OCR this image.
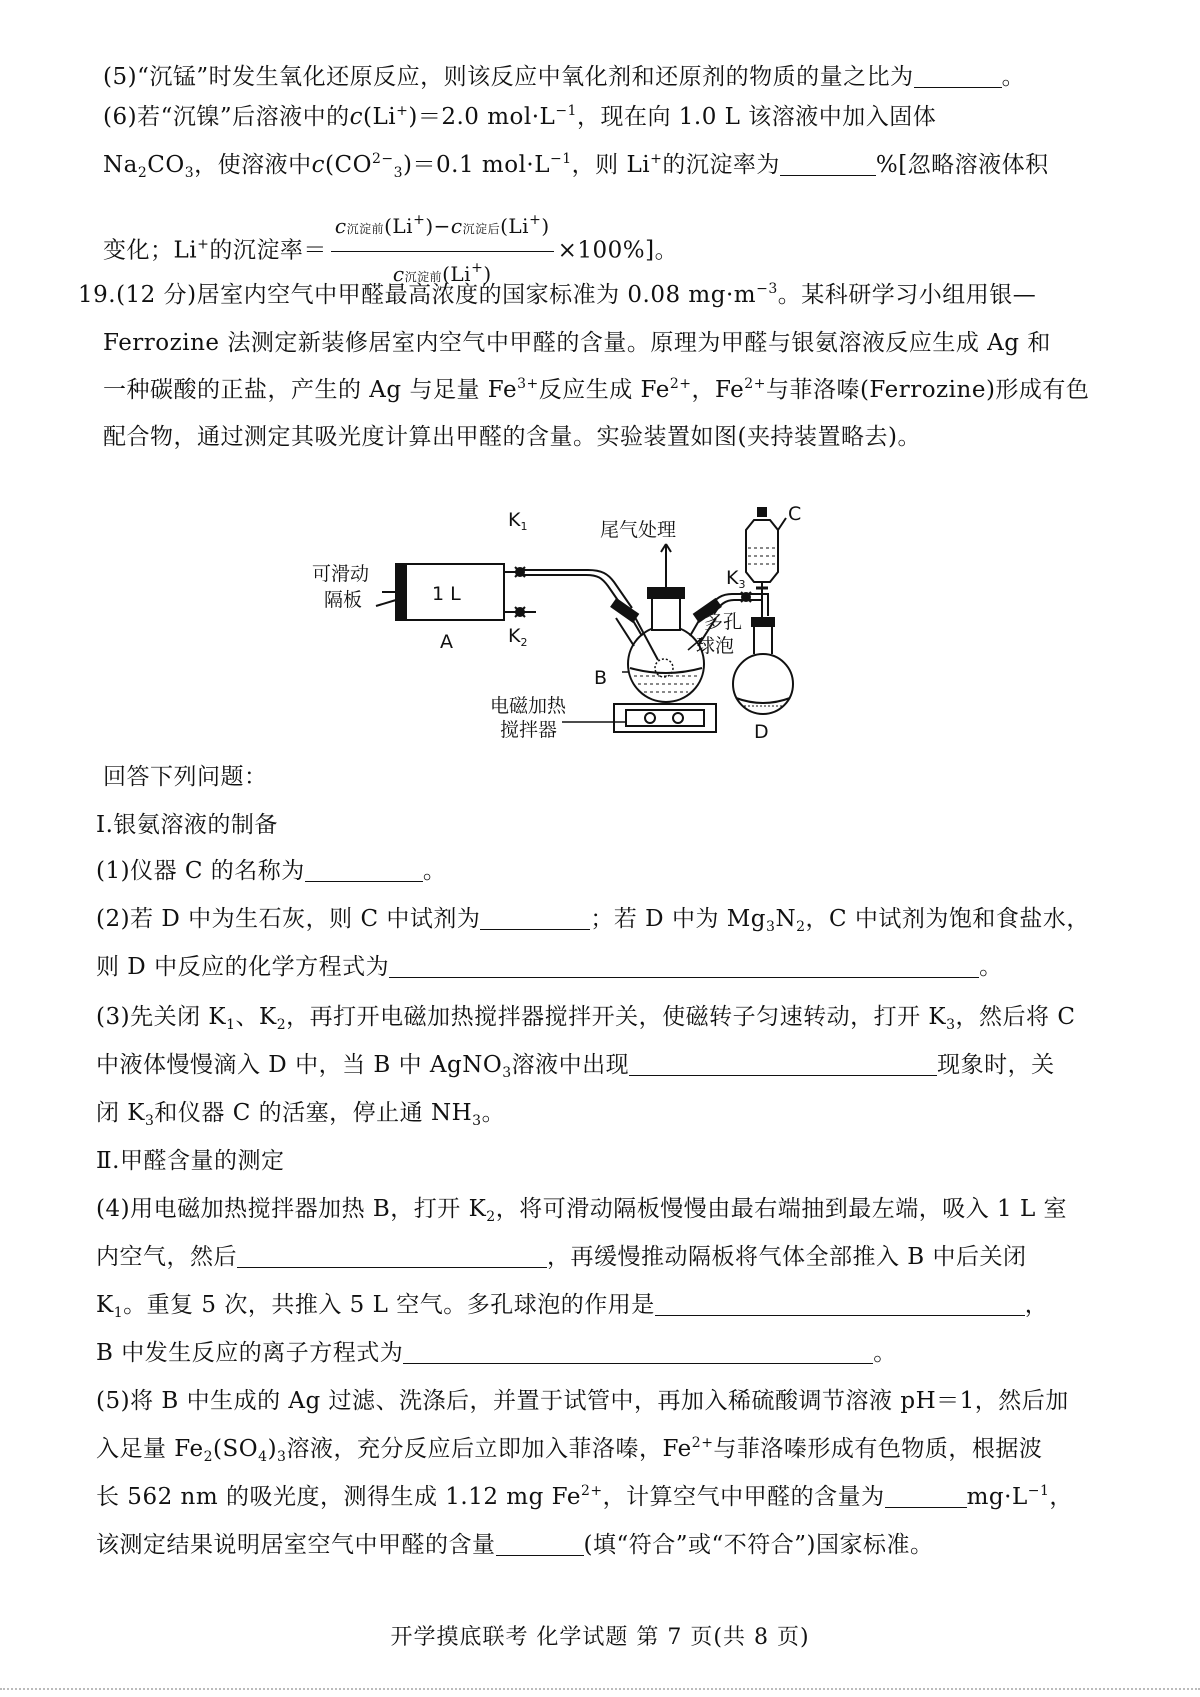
(5)“沉锰”时发生氧化还原反应，则该反应中氧化剂和还原剂的物质的量之比为	。
(6)若“沉镍”后溶液中的c(Li+)＝2.0 $mol\cdot L^{-1}$，现在向 1.0 L 该溶液中加入固体
$Na_2CO_3$，使溶液中$c(CO^{2-}_3)=0.1$ $mol\cdot L^{-1}$，则 Li+的沉淀率为	%[忽略溶液体积
变化；Li+的沉淀率＝ $\frac{c沉淀前(Li^+)-c沉淀后(Li^+)}{c沉淀前(Li^+)} \times 100\%$]。
19.(12 分)居室内空气中甲醛最高浓度的国家标准为 0.08 $mg\cdot m^{-3}$。某科研学习小组用银—
Ferrozine 法测定新装修居室内空气中甲醛的含量。原理为甲醛与银氨溶液反应生成 Ag 和
一种碳酸的正盐，产生的 Ag 与足量 $Fe^{3+}$反应生成 $Fe^{2+}$，$Fe^{2+}$与菲洛嗪(Ferrozine)形成有色
配合物，通过测定其吸光度计算出甲醛的含量。实验装置如图(夹持装置略去)。
尾气处理
$K_1$
$K_2$
$K_3$
C
1 L
可滑动
隔板
A
多孔
球泡
B
电磁加热
搅拌器	D
回答下列问题：
Ⅰ.银氨溶液的制备
(1)仪器 C 的名称为	。
(2)若 D 中为生石灰，则 C 中试剂为	；若 D 中为 $Mg_3N_2$，C 中试剂为饱和食盐水，
则 D 中反应的化学方程式为	。
(3)先关闭 $K_1$、$K_2$，再打开电磁加热搅拌器搅拌开关，使磁转子匀速转动，打开 $K_3$，然后将 C
中液体慢慢滴入 D 中，当 B 中 AgNO$_3$溶液中出现	现象时，关
闭 $K_3$和仪器 C 的活塞，停止通 $NH_3$。
Ⅱ.甲醛含量的测定
(4)用电磁加热搅拌器加热 B，打开 $K_2$，将可滑动隔板慢慢由最右端抽到最左端，吸入 1 L 室
内空气，然后	，再缓慢推动隔板将气体全部推入 B 中后关闭
$K_1$。重复 5 次，共推入 5 L 空气。多孔球泡的作用是	，
B 中发生反应的离子方程式为	。
(5)将 B 中生成的 Ag 过滤、洗涤后，并置于试管中，再加入稀硫酸调节溶液 pH＝1，然后加
入足量 $Fe_2(SO_4)_3$溶液，充分反应后立即加入菲洛嗪，$Fe^{2+}$与菲洛嗪形成有色物质，根据波
长 562 nm 的吸光度，测得生成 1.12 mg $Fe^{2+}$，计算空气中甲醛的含量为	$mg\cdot L^{-1}$，
该测定结果说明居室空气中甲醛的含量	(填“符合”或“不符合”)国家标准。
开学摸底联考 化学试题 第 7 页(共 8 页)
